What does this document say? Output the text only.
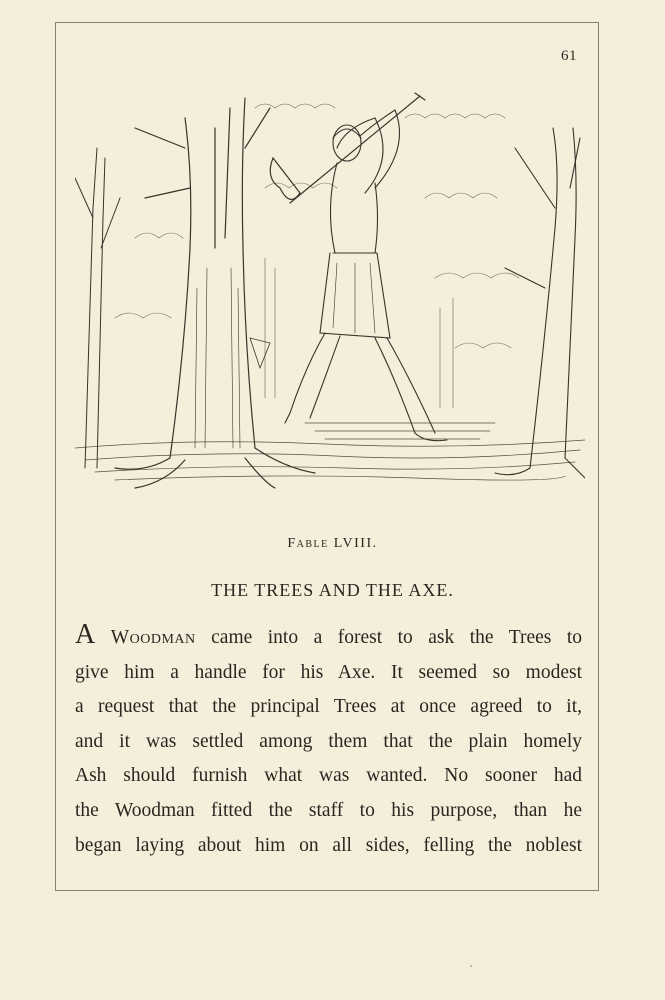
61
Fable LVIII.
THE TREES AND THE AXE.
A Woodman came into a forest to ask the Trees to
give him a handle for his Axe. It seemed so modest
a request that the principal Trees at once agreed to it,
and it was settled among them that the plain homely
Ash should furnish what was wanted. No sooner had
the Woodman fitted the staff to his purpose, than he
began laying about him on all sides, felling the noblest
